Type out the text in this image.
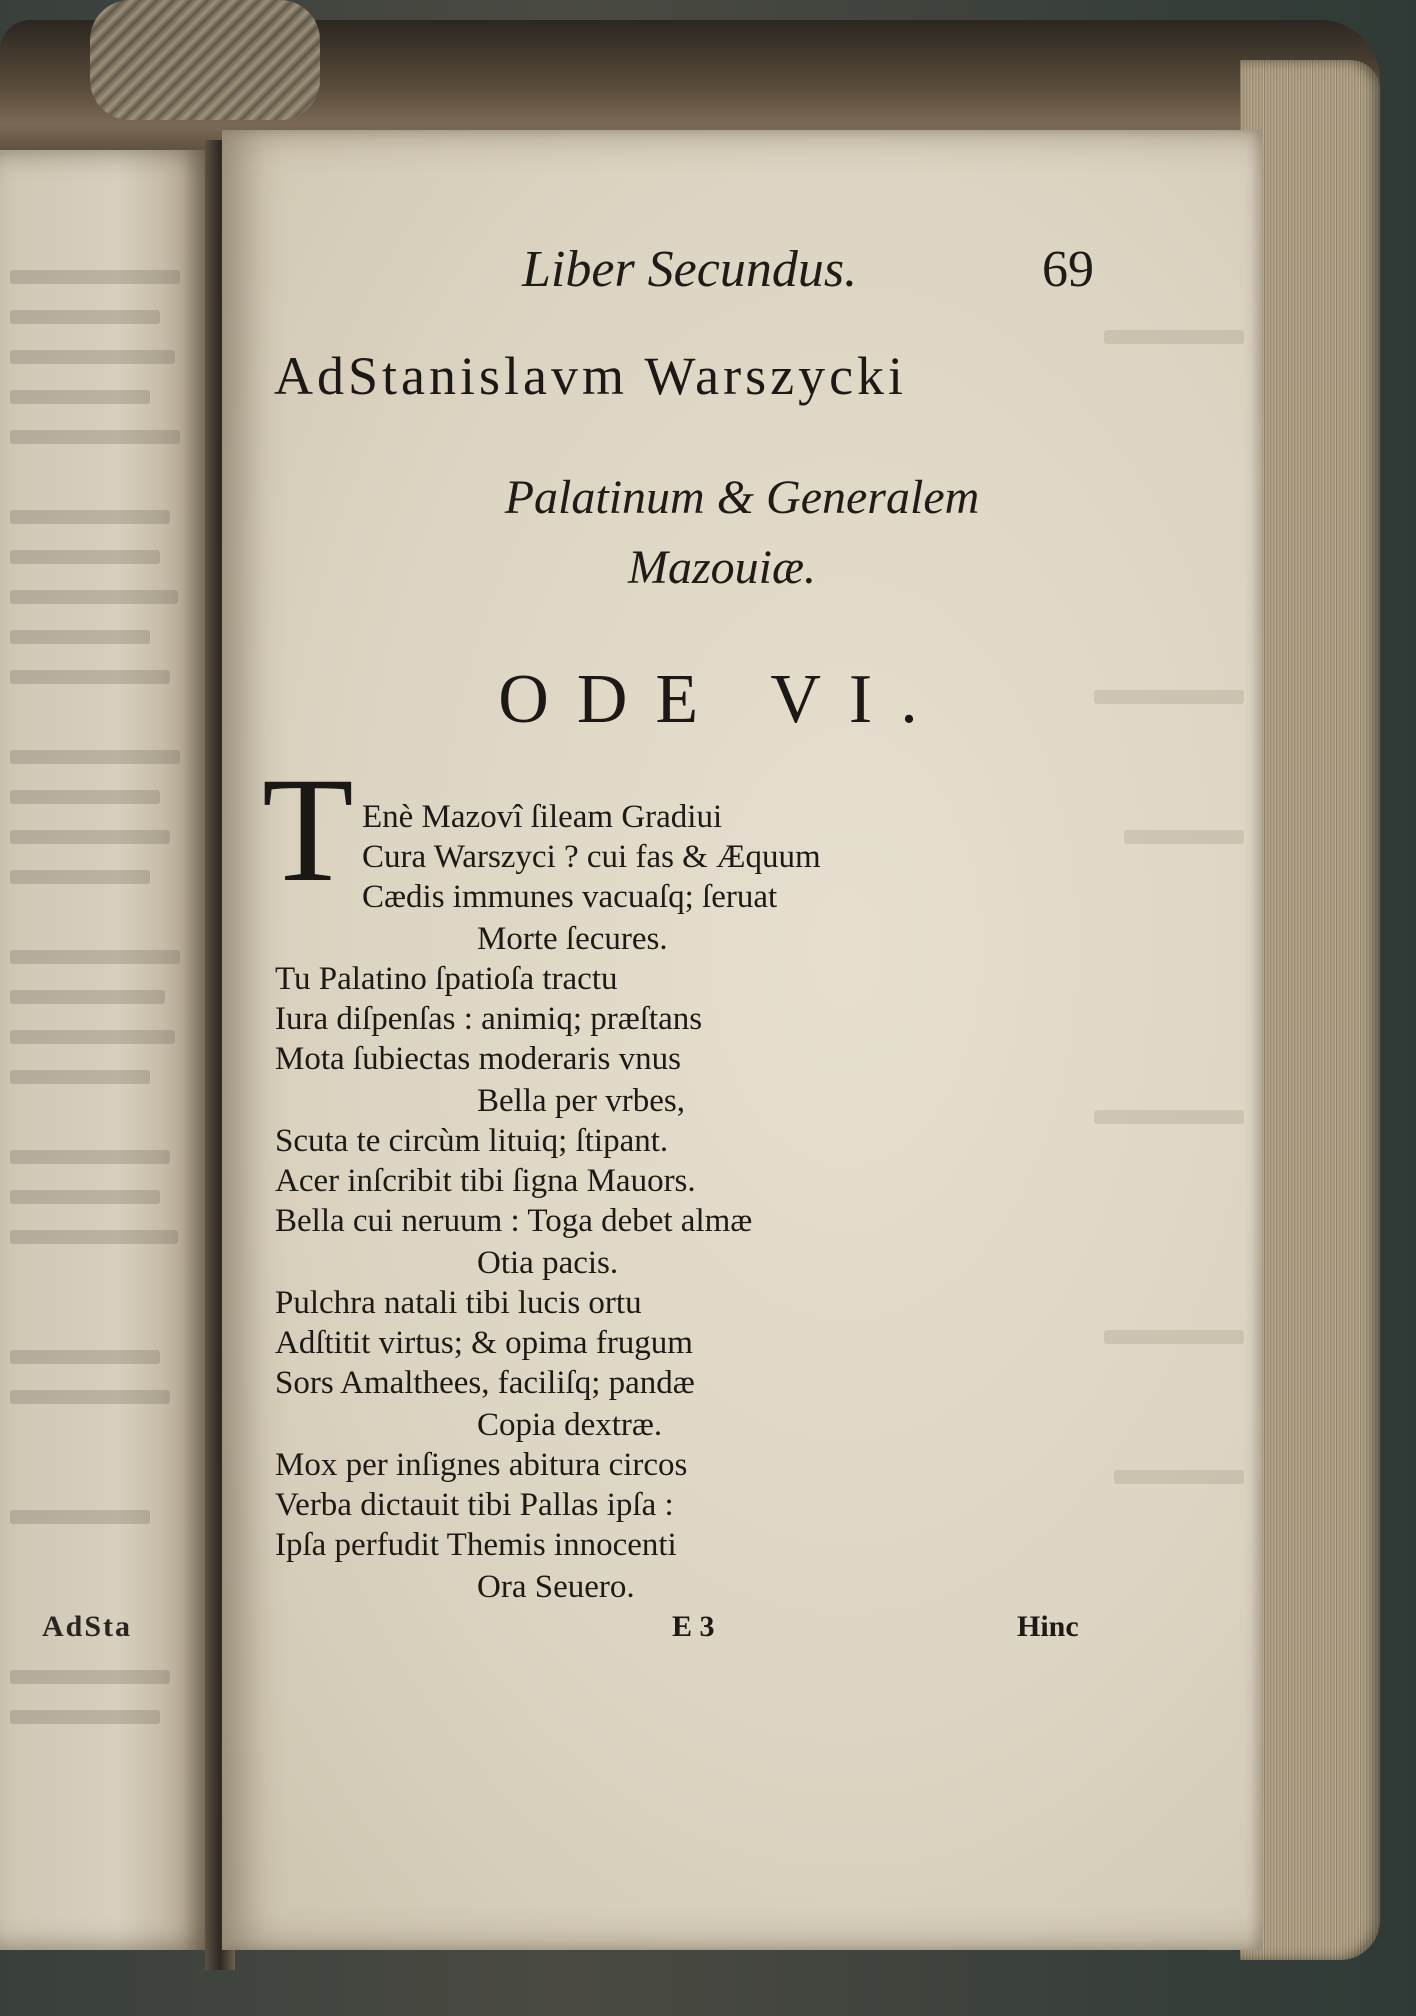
AdSta
Liber Secundus.	69
AdStanislavm Warszycki
Palatinum & Generalem
Mazouiæ.
ODE VI.
T Enè Mazovî ſileam Gradiui
Cura Warszyci ? cui fas & Æquum
Cædis immunes vacuaſq; ſeruat
Morte ſecures.
Tu Palatino ſpatioſa tractu
Iura diſpenſas : animiq; præſtans
Mota ſubiectas moderaris vnus
Bella per vrbes,
Scuta te circùm lituiq; ſtipant.
Acer inſcribit tibi ſigna Mauors.
Bella cui neruum : Toga debet almæ
Otia pacis.
Pulchra natali tibi lucis ortu
Adſtitit virtus; & opima frugum
Sors Amalthees, faciliſq; pandæ
Copia dextræ.
Mox per inſignes abitura circos
Verba dictauit tibi Pallas ipſa :
Ipſa perfudit Themis innocenti
Ora Seuero.
E 3	Hinc
